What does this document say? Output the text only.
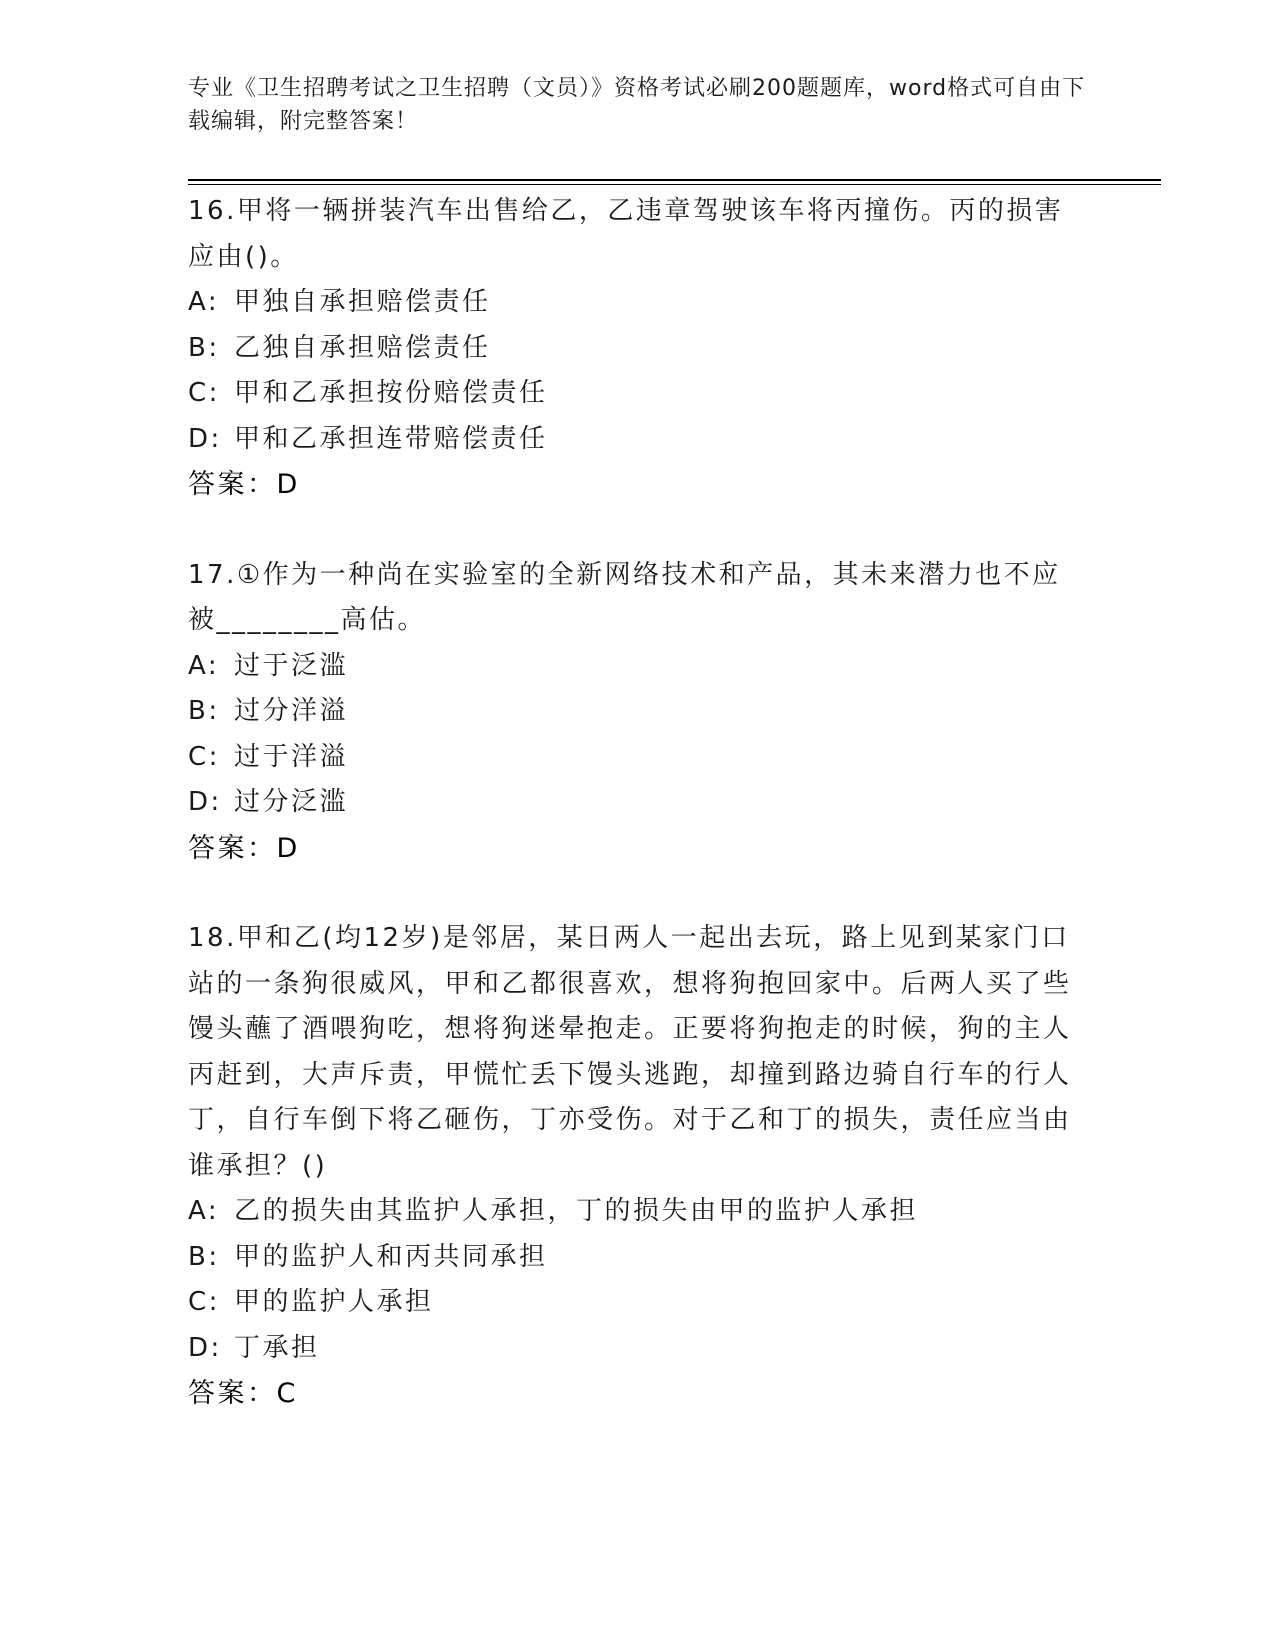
专业《卫生招聘考试之卫生招聘（文员）》资格考试必刷200题题库，word格式可自由下载编辑，附完整答案！
16.甲将一辆拼装汽车出售给乙，乙违章驾驶该车将丙撞伤。丙的损害应由()。
A: 甲独自承担赔偿责任
B: 乙独自承担赔偿责任
C: 甲和乙承担按份赔偿责任
D: 甲和乙承担连带赔偿责任
答案：D
17.①作为一种尚在实验室的全新网络技术和产品，其未来潜力也不应被________高估。
A: 过于泛滥
B: 过分洋溢
C: 过于洋溢
D: 过分泛滥
答案：D
18.甲和乙(均12岁)是邻居，某日两人一起出去玩，路上见到某家门口站的一条狗很威风，甲和乙都很喜欢，想将狗抱回家中。后两人买了些馒头蘸了酒喂狗吃，想将狗迷晕抱走。正要将狗抱走的时候，狗的主人丙赶到，大声斥责，甲慌忙丢下馒头逃跑，却撞到路边骑自行车的行人丁，自行车倒下将乙砸伤，丁亦受伤。对于乙和丁的损失，责任应当由谁承担？()
A: 乙的损失由其监护人承担，丁的损失由甲的监护人承担
B: 甲的监护人和丙共同承担
C: 甲的监护人承担
D: 丁承担
答案：C
